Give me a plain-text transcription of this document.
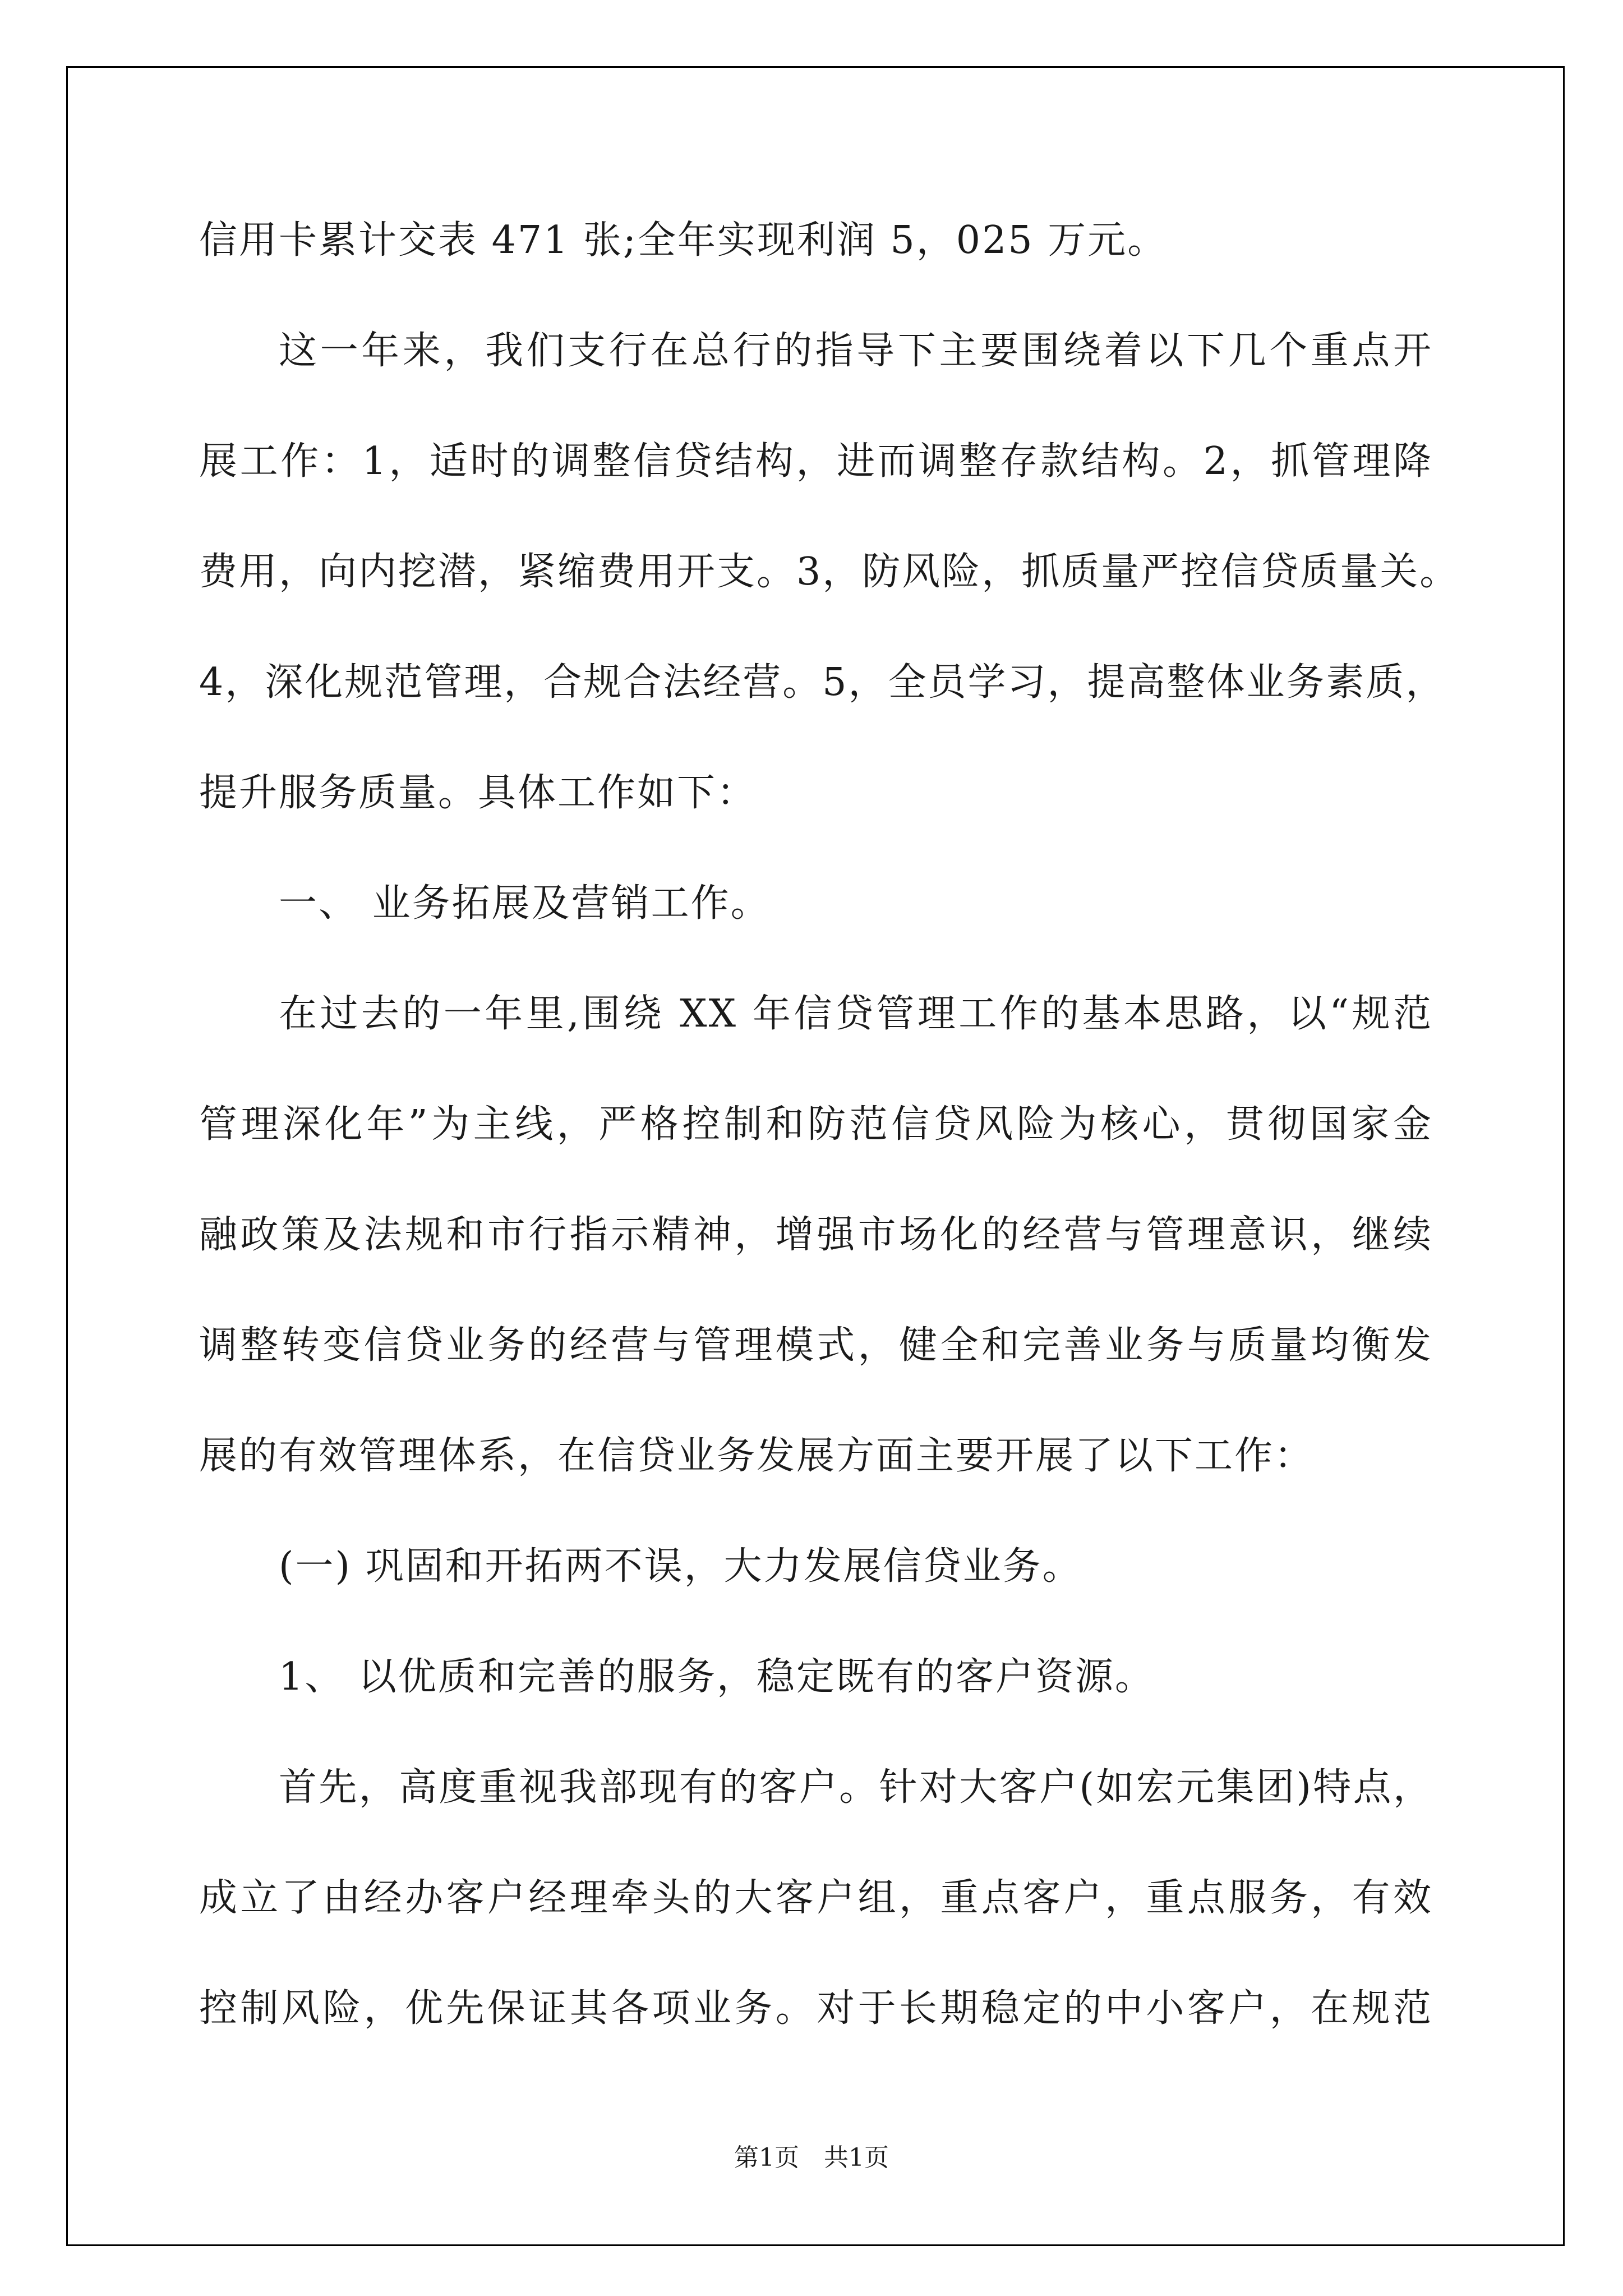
信用卡累计交表 471 张;全年实现利润 5，025 万元。
这一年来，我们支行在总行的指导下主要围绕着以下几个重点开
展工作：1，适时的调整信贷结构，进而调整存款结构。2，抓管理降
费用，向内挖潜，紧缩费用开支。3，防风险，抓质量严控信贷质量关。
4，深化规范管理，合规合法经营。5，全员学习，提高整体业务素质，
提升服务质量。具体工作如下：
一、 业务拓展及营销工作。
在过去的一年里,围绕 XX 年信贷管理工作的基本思路，以“规范
管理深化年”为主线，严格控制和防范信贷风险为核心，贯彻国家金
融政策及法规和市行指示精神，增强市场化的经营与管理意识，继续
调整转变信贷业务的经营与管理模式，健全和完善业务与质量均衡发
展的有效管理体系，在信贷业务发展方面主要开展了以下工作：
(一) 巩固和开拓两不误，大力发展信贷业务。
1、 以优质和完善的服务，稳定既有的客户资源。
首先，高度重视我部现有的客户。针对大客户(如宏元集团)特点，
成立了由经办客户经理牵头的大客户组，重点客户，重点服务，有效
控制风险，优先保证其各项业务。对于长期稳定的中小客户，在规范
第1页　共1页
